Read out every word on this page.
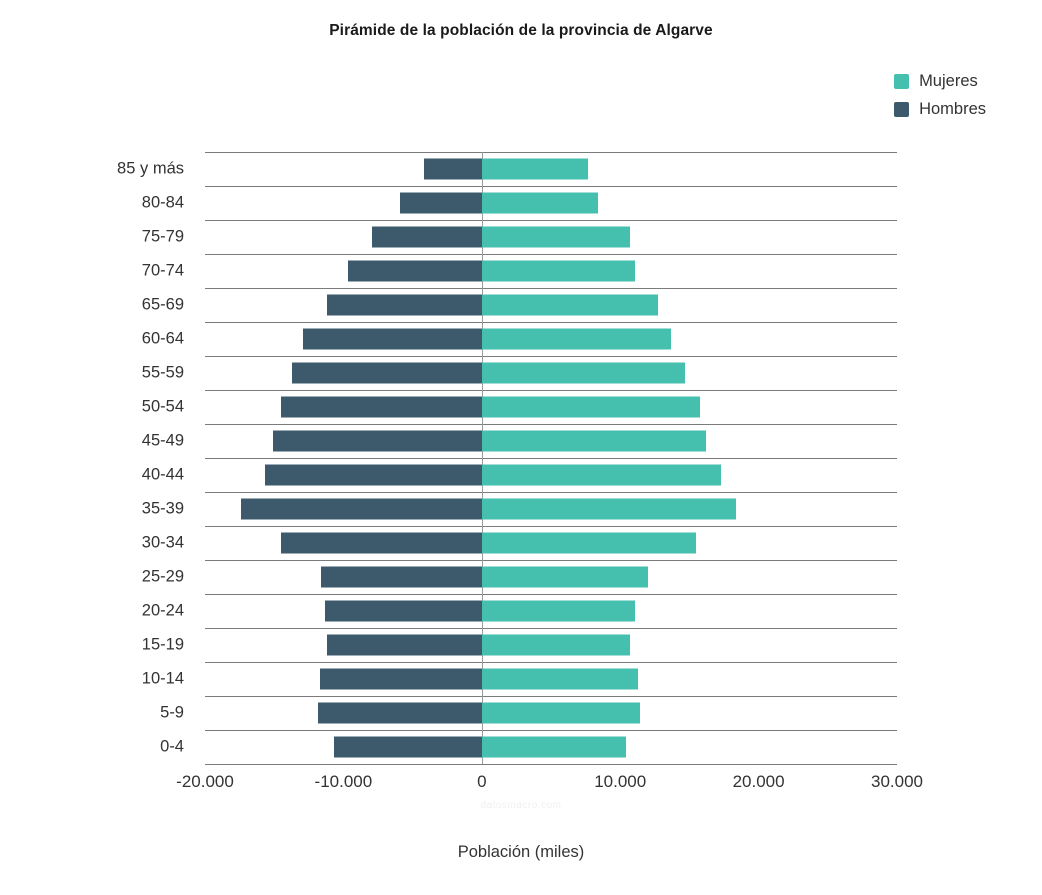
Pirámide de la población de la provincia de Algarve
Mujeres
Hombres
85 y más
80-84
75-79
70-74
65-69
60-64
55-59
50-54
45-49
40-44
35-39
30-34
25-29
20-24
15-19
10-14
5-9
0-4
-20.000	-10.000	0	10.000	20.000	30.000
datosmacro.com
Población (miles)
